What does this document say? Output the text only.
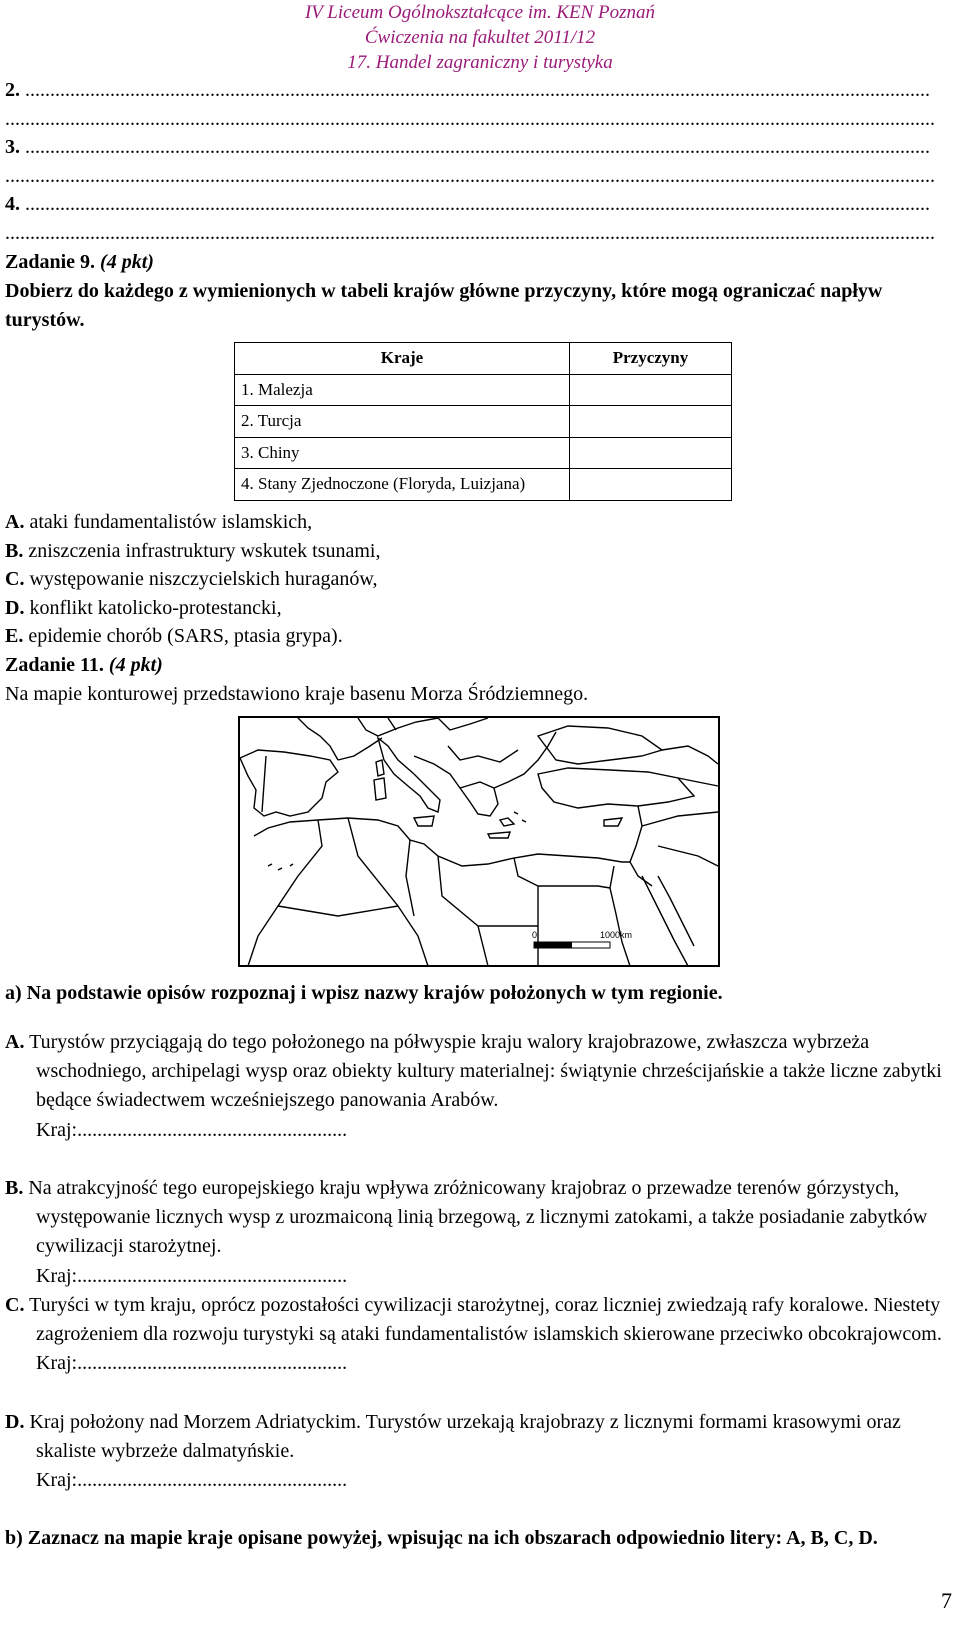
IV Liceum Ogólnokształcące im. KEN Poznań
Ćwiczenia na fakultet 2011/12
17. Handel zagraniczny i turystyka
2. .....................................................................................................................................................................................
..........................................................................................................................................................................................
3. .....................................................................................................................................................................................
..........................................................................................................................................................................................
4. .....................................................................................................................................................................................
..........................................................................................................................................................................................
Zadanie 9. (4 pkt)
Dobierz do każdego z wymienionych w tabeli krajów główne przyczyny, które mogą ograniczać napływ turystów.
Kraje	Przyczyny
1. Malezja	
2. Turcja	
3. Chiny	
4. Stany Zjednoczone (Floryda, Luizjana)	
A. ataki fundamentalistów islamskich,
B. zniszczenia infrastruktury wskutek tsunami,
C. występowanie niszczycielskich huraganów,
D. konflikt katolicko-protestancki,
E. epidemie chorób (SARS, ptasia grypa).
Zadanie 11. (4 pkt)
Na mapie konturowej przedstawiono kraje basenu Morza Śródziemnego.
0	1000km
a) Na podstawie opisów rozpoznaj i wpisz nazwy krajów położonych w tym regionie.
A. Turystów przyciągają do tego położonego na półwyspie kraju walory krajobrazowe, zwłaszcza wybrzeża wschodniego, archipelagi wysp oraz obiekty kultury materialnej: świątynie chrześcijańskie a także liczne zabytki będące świadectwem wcześniejszego panowania Arabów.
Kraj:......................................................
B. Na atrakcyjność tego europejskiego kraju wpływa zróżnicowany krajobraz o przewadze terenów górzystych, występowanie licznych wysp z urozmaiconą linią brzegową, z licznymi zatokami, a także posiadanie zabytków cywilizacji starożytnej.
Kraj:......................................................
C. Turyści w tym kraju, oprócz pozostałości cywilizacji starożytnej, coraz liczniej zwiedzają rafy koralowe. Niestety zagrożeniem dla rozwoju turystyki są ataki fundamentalistów islamskich skierowane przeciwko obcokrajowcom.
Kraj:......................................................
D. Kraj położony nad Morzem Adriatyckim. Turystów urzekają krajobrazy z licznymi formami krasowymi oraz skaliste wybrzeże dalmatyńskie.
Kraj:......................................................
b) Zaznacz na mapie kraje opisane powyżej, wpisując na ich obszarach odpowiednio litery: A, B, C, D.
7
